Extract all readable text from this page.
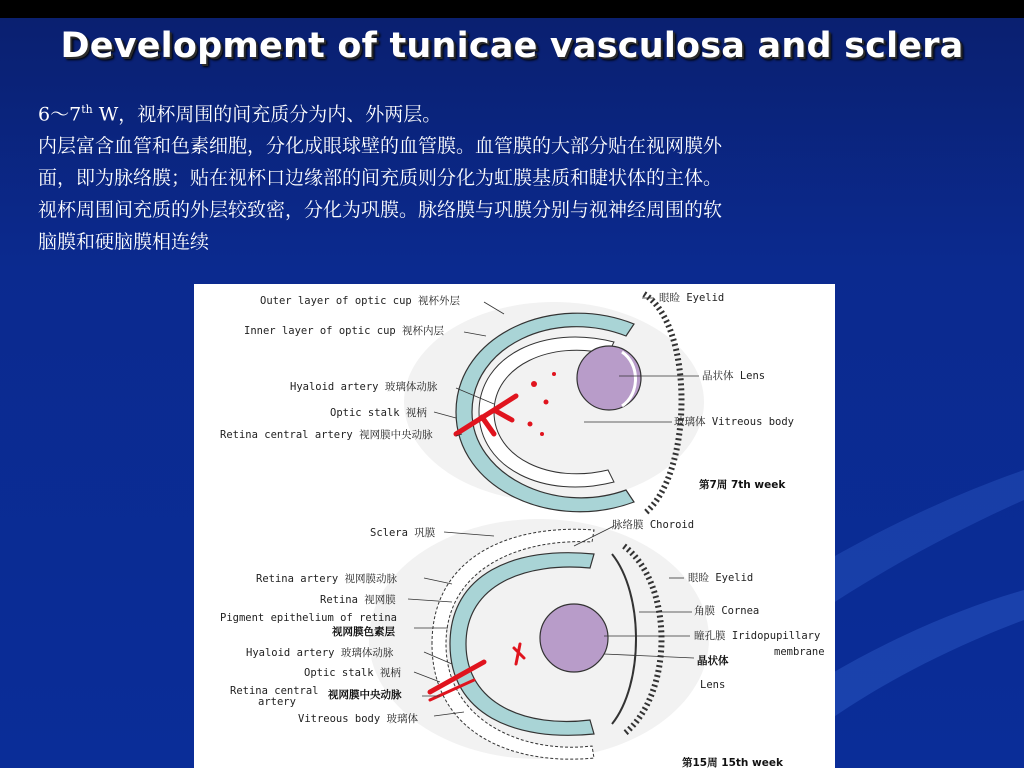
Development of tunicae vasculosa and sclera

6～7th W，视杯周围的间充质分为内、外两层。

内层富含血管和色素细胞，分化成眼球壁的血管膜。血管膜的大部分贴在视网膜外

面，即为脉络膜；贴在视杯口边缘部的间充质则分化为虹膜基质和睫状体的主体。

视杯周围间充质的外层较致密，分化为巩膜。脉络膜与巩膜分别与视神经周围的软

脑膜和硬脑膜相连续

Outer layer of optic cup 视杯外层
Inner layer of optic cup 视杯内层
Hyaloid artery 玻璃体动脉
Optic stalk 视柄
Retina central artery 视网膜中央动脉
眼睑 Eyelid
晶状体 Lens
玻璃体 Vitreous body
第7周 7th week
Sclera 巩膜
Retina artery 视网膜动脉
Retina 视网膜
Pigment epithelium of retina
视网膜色素层
Hyaloid artery 玻璃体动脉
Optic stalk 视柄
Retina central
artery
视网膜中央动脉
Vitreous body 玻璃体
脉络膜 Choroid
眼睑 Eyelid
角膜 Cornea
瞳孔膜 Iridopupillary
membrane
晶状体
Lens
第15周 15th week
